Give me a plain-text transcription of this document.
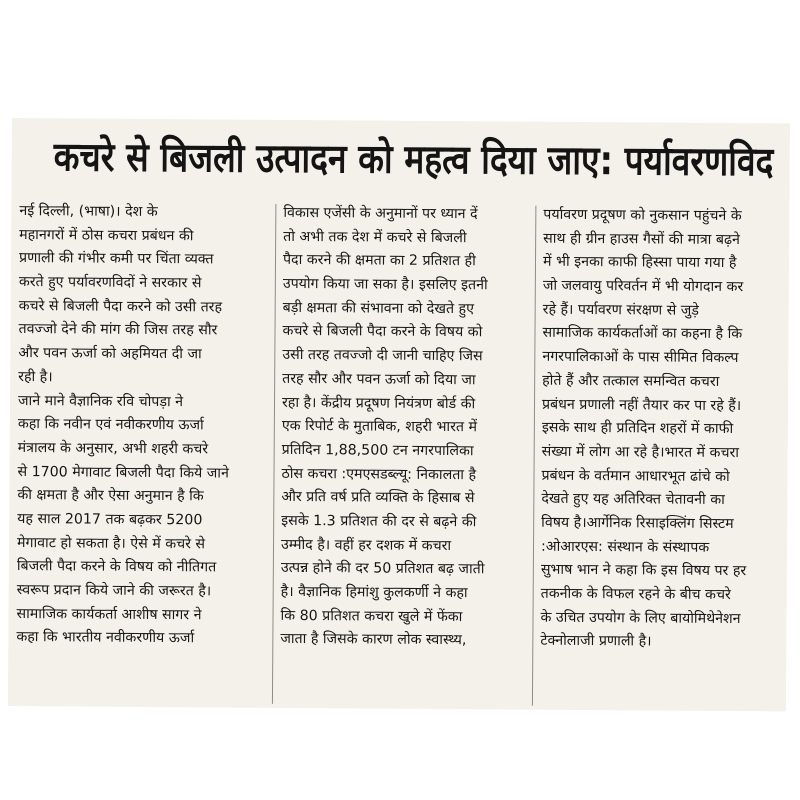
कचरे से बिजली उत्पादन को महत्व दिया जाए: पर्यावरणविद
नई दिल्ली, (भाषा)। देश के
महानगरों में ठोस कचरा प्रबंधन की
प्रणाली की गंभीर कमी पर चिंता व्यक्त
करते हुए पर्यावरणविदों ने सरकार से
कचरे से बिजली पैदा करने को उसी तरह
तवज्जो देने की मांग की जिस तरह सौर
और पवन ऊर्जा को अहमियत दी जा
रही है।
जाने माने वैज्ञानिक रवि चोपड़ा ने
कहा कि नवीन एवं नवीकरणीय ऊर्जा
मंत्रालय के अनुसार, अभी शहरी कचरे
से 1700 मेगावाट बिजली पैदा किये जाने
की क्षमता है और ऐसा अनुमान है कि
यह साल 2017 तक बढ़कर 5200
मेगावाट हो सकता है। ऐसे में कचरे से
बिजली पैदा करने के विषय को नीतिगत
स्वरूप प्रदान किये जाने की जरूरत है।
सामाजिक कार्यकर्ता आशीष सागर ने
कहा कि भारतीय नवीकरणीय ऊर्जा
विकास एजेंसी के अनुमानों पर ध्यान दें
तो अभी तक देश में कचरे से बिजली
पैदा करने की क्षमता का 2 प्रतिशत ही
उपयोग किया जा सका है। इसलिए इतनी
बड़ी क्षमता की संभावना को देखते हुए
कचरे से बिजली पैदा करने के विषय को
उसी तरह तवज्जो दी जानी चाहिए जिस
तरह सौर और पवन ऊर्जा को दिया जा
रहा है। केंद्रीय प्रदूषण नियंत्रण बोर्ड की
एक रिपोर्ट के मुताबिक, शहरी भारत में
प्रतिदिन 1,88,500 टन नगरपालिका
ठोस कचरा :एमएसडब्ल्यू: निकालता है
और प्रति वर्ष प्रति व्यक्ति के हिसाब से
इसके 1.3 प्रतिशत की दर से बढ़ने की
उम्मीद है। वहीं हर दशक में कचरा
उत्पन्न होने की दर 50 प्रतिशत बढ़ जाती
है। वैज्ञानिक हिमांशु कुलकर्णी ने कहा
कि 80 प्रतिशत कचरा खुले में फेंका
जाता है जिसके कारण लोक स्वास्थ्य,
पर्यावरण प्रदूषण को नुकसान पहुंचने के
साथ ही ग्रीन हाउस गैसों की मात्रा बढ़ने
में भी इनका काफी हिस्सा पाया गया है
जो जलवायु परिवर्तन में भी योगदान कर
रहे हैं। पर्यावरण संरक्षण से जुड़े
सामाजिक कार्यकर्ताओं का कहना है कि
नगरपालिकाओं के पास सीमित विकल्प
होते हैं और तत्काल समन्वित कचरा
प्रबंधन प्रणाली नहीं तैयार कर पा रहे हैं।
इसके साथ ही प्रतिदिन शहरों में काफी
संख्या में लोग आ रहे है।भारत में कचरा
प्रबंधन के वर्तमान आधारभूत ढांचे को
देखते हुए यह अतिरिक्त चेतावनी का
विषय है।आर्गेनिक रिसाइक्लिंग सिस्टम
:ओआरएस: संस्थान के संस्थापक
सुभाष भान ने कहा कि इस विषय पर हर
तकनीक के विफल रहने के बीच कचरे
के उचित उपयोग के लिए बायोमिथेनेशन
टेक्नोलाजी प्रणाली है।
